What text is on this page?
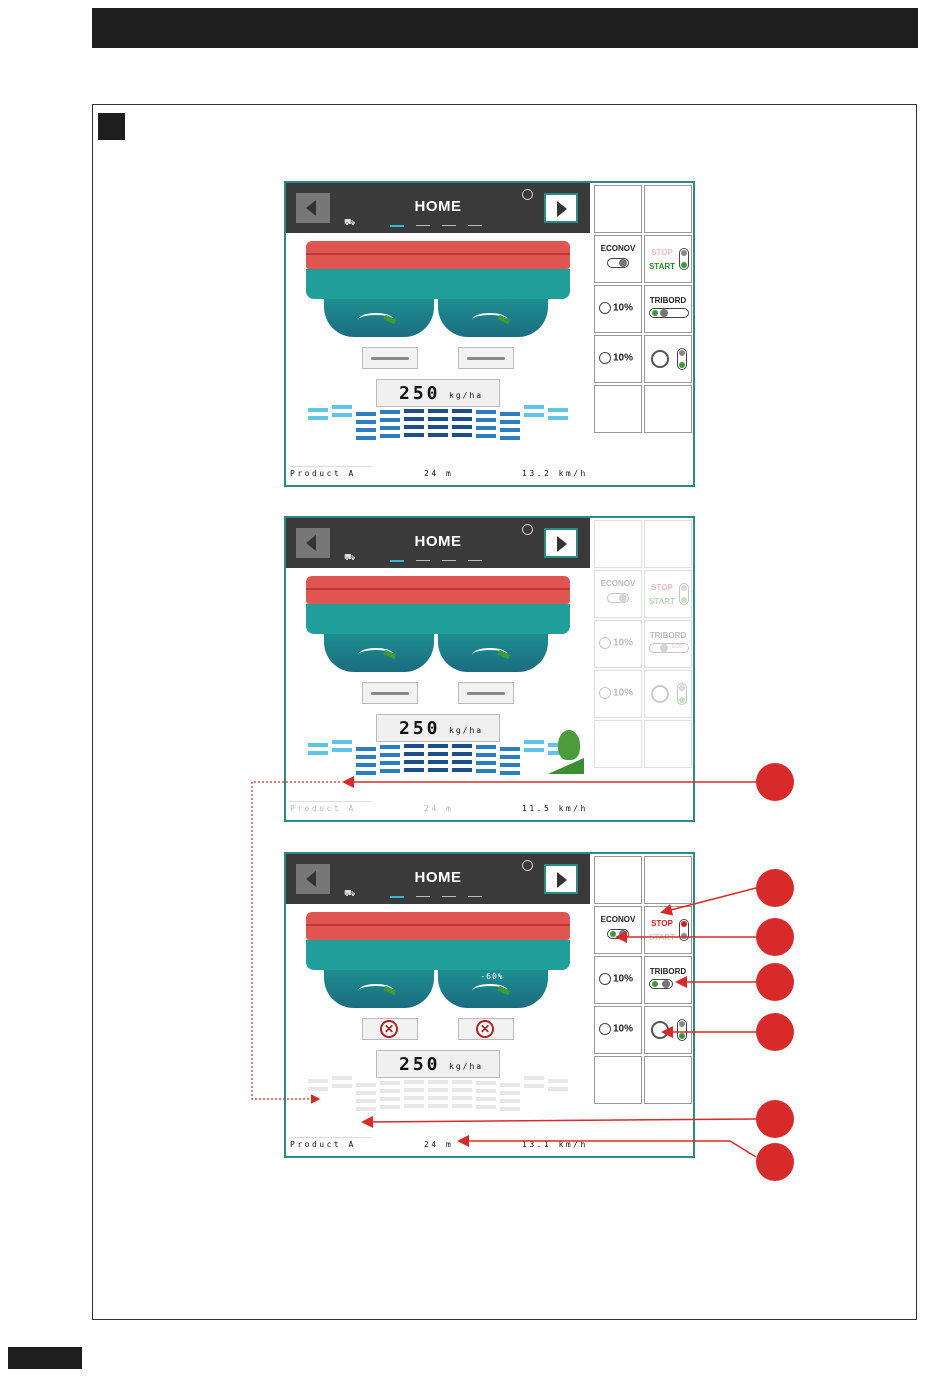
HOME
⛟
250 kg/ha
Product A	24 m	13.2 km/h
ECONOV	STOP
START
10%
TRIBORD
10%
HOME
⛟
250 kg/ha
Product A	24 m	11.5 km/h
ECONOV	STOP
START
10%
TRIBORD
ECO
10%
HOME
⛟
-60%
✕	✕
250 kg/ha
Product A	24 m	13.1 km/h
ECONOV	STOP
START
10%
TRIBORD
10%
